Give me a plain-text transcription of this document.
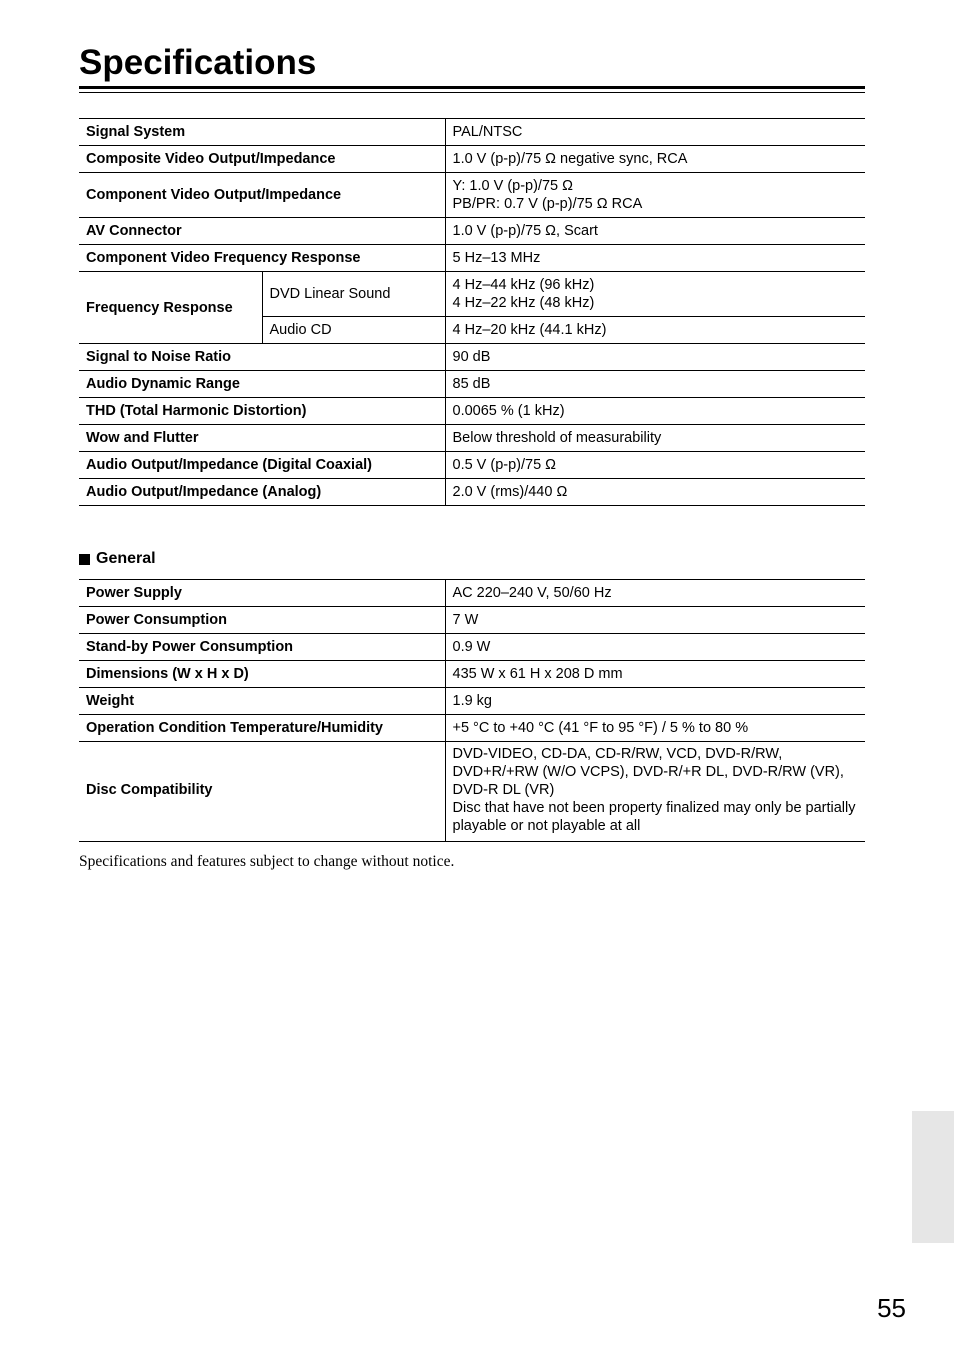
Specifications
Signal System		PAL/NTSC
Composite Video Output/Impedance		1.0 V (p-p)/75 Ω negative sync, RCA
Component Video Output/Impedance		Y: 1.0 V (p-p)/75 Ω
PB/PR: 0.7 V (p-p)/75 Ω RCA

AV Connector		1.0 V (p-p)/75 Ω, Scart
Component Video Frequency Response		5 Hz–13 MHz
Frequency Response	DVD Linear Sound	4 Hz–44 kHz (96 kHz)
4 Hz–22 kHz (48 kHz)

	Audio CD	4 Hz–20 kHz (44.1 kHz)
Signal to Noise Ratio		90 dB
Audio Dynamic Range		85 dB
THD (Total Harmonic Distortion)		0.0065 % (1 kHz)
Wow and Flutter		Below threshold of measurability
Audio Output/Impedance (Digital Coaxial)		0.5 V (p-p)/75 Ω
Audio Output/Impedance (Analog)		2.0 V (rms)/440 Ω
General
Power Supply	AC 220–240 V, 50/60 Hz
Power Consumption	7 W
Stand-by Power Consumption	0.9 W
Dimensions (W x H x D)	435 W x 61 H x 208 D mm
Weight	1.9 kg
Operation Condition Temperature/Humidity	+5 °C to +40 °C (41 °F to 95 °F) / 5 % to 80 %
Disc Compatibility	DVD-VIDEO, CD-DA, CD-R/RW, VCD, DVD-R/RW,
DVD+R/+RW (W/O VCPS), DVD-R/+R DL, DVD-R/RW (VR),
DVD-R DL (VR)
Disc that have not been property finalized may only be partially
playable or not playable at all
Specifications and features subject to change without notice.
55
